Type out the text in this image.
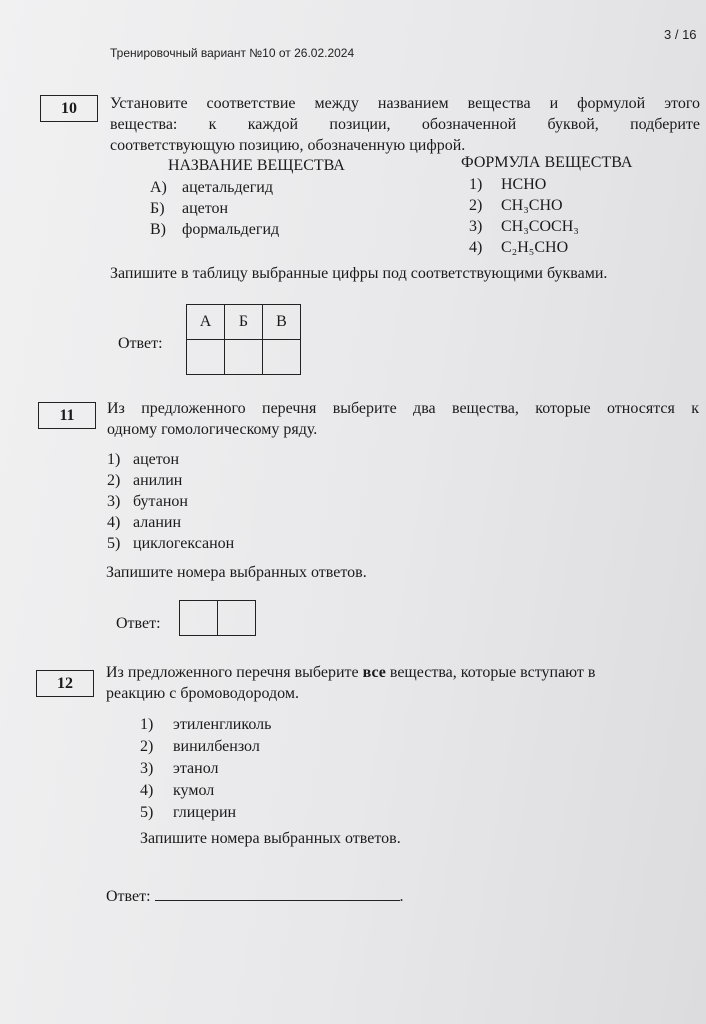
Тренировочный вариант №10 от 26.02.2024
3 / 16
10	Установите соответствие между названием вещества и формулой этого
вещества: к каждой позиции, обозначенной буквой, подберите
соответствующую позицию, обозначенную цифрой.
НАЗВАНИЕ ВЕЩЕСТВА	ФОРМУЛА ВЕЩЕСТВА
А) ацетальдегид
Б)	ацетон
В)	формальдегид
1)	HCHO
2)	CH₃CHO
3)	CH₃COCH₃
4)	C₂H₅CHO
Запишите в таблицу выбранные цифры под соответствующими буквами.
Ответ:
А	Б	В

11	Из предложенного перечня выберите два вещества, которые относятся к
одному гомологическому ряду.
1) ацетон
2) анилин
3) бутанон
4) аланин
5) циклогексанон
Запишите номера выбранных ответов.
Ответ:

12
Из предложенного перечня выберите все вещества, которые вступают в
реакцию с бромоводородом.
1)	этиленгликоль
2)	винилбензол
3)	этанол
4)	кумол
5)	глицерин
Запишите номера выбранных ответов.
Ответ:	.
